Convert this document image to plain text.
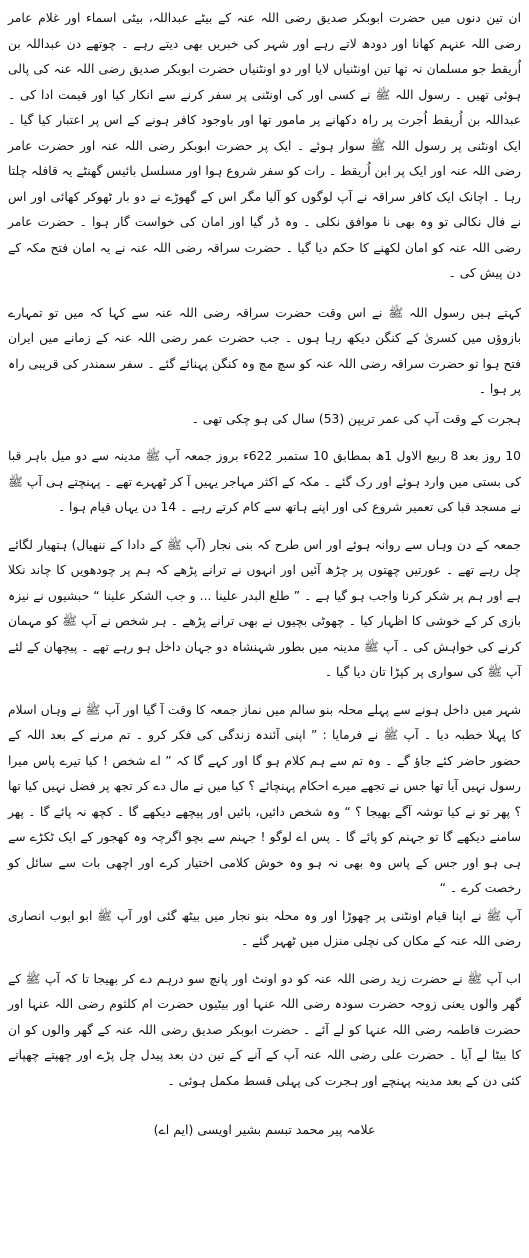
ان تین دنوں میں حضرت ابوبکر صدیق رضی اللہ عنہ کے بیٹے عبداللہ، بیٹی اسماء اور غلام عامر رضی اللہ عنہم کھانا اور دودھ لاتے رہے اور شہر کی خبریں بھی دیتے رہے ۔ چوتھے دن عبداللہ بن اُریقط جو مسلمان نہ تھا تین اونٹنیاں لایا اور دو اونٹنیاں حضرت ابوبکر صدیق رضی اللہ عنہ کی پالی ہوئی تھیں ۔ رسول اللہ ﷺ نے کسی اور کی اونٹنی پر سفر کرنے سے انکار کیا اور قیمت ادا کی ۔ عبداللہ بن اُریقط اُجرت پر راہ دکھانے پر مامور تھا اور باوجود کافر ہونے کے اس پر اعتبار کیا گیا ۔ ایک اونٹنی پر رسول اللہ ﷺ سوار ہوئے ۔ ایک پر حضرت ابوبکر رضی اللہ عنہ اور حضرت عامر رضی اللہ عنہ اور ایک پر ابن اُریقط ۔ رات کو سفر شروع ہوا اور مسلسل بائیس گھنٹے یہ قافلہ چلتا رہا ۔ اچانک ایک کافر سراقہ نے آپ لوگوں کو آلیا مگر اس کے گھوڑے نے دو بار ٹھوکر کھائی اور اس نے فال نکالی تو وہ بھی نا موافق نکلی ۔ وہ ڈر گیا اور امان کی خواست گار ہوا ۔ حضرت عامر رضی اللہ عنہ کو امان لکھنے کا حکم دیا گیا ۔ حضرت سراقہ رضی اللہ عنہ نے یہ امان فتح مکہ کے دن پیش کی ۔

کہتے ہیں رسول اللہ ﷺ نے اس وقت حضرت سراقہ رضی اللہ عنہ سے کہا کہ میں تو تمہارے بازوؤں میں کسریٰ کے کنگن دیکھ رہا ہوں ۔ جب حضرت عمر رضی اللہ عنہ کے زمانے میں ایران فتح ہوا تو حضرت سراقہ رضی اللہ عنہ کو سچ مچ وہ کنگن پہنائے گئے ۔ سفر سمندر کی قریبی راہ پر ہوا ۔

ہجرت کے وقت آپ کی عمر تریپن (53) سال کی ہو چکی تھی ۔

10 روز بعد 8 ربیع الاول 1ھ بمطابق 10 ستمبر 622ء بروز جمعہ آپ ﷺ مدینہ سے دو میل باہر قبا کی بستی میں وارد ہوئے اور رک گئے ۔ مکہ کے اکثر مہاجر یہیں آ کر ٹھہرے تھے ۔ پہنچتے ہی آپ ﷺ نے مسجد قبا کی تعمیر شروع کی اور اپنے ہاتھ سے کام کرتے رہے ۔ 14 دن یہاں قیام ہوا ۔

جمعہ کے دن وہاں سے روانہ ہوئے اور اس طرح کہ بنی نجار (آپ ﷺ کے دادا کے ننھیال) ہتھیار لگائے چل رہے تھے ۔ عورتیں چھتوں پر چڑھ آئیں اور انہوں نے ترانے پڑھے کہ ہم پر چودھویں کا چاند نکلا ہے اور ہم پر شکر کرنا واجب ہو گیا ہے ۔ ” طلع البدر علینا ... و جب الشکر علینا “ حبشیوں نے نیزہ بازی کر کے خوشی کا اظہار کیا ۔ چھوٹی بچیوں نے بھی ترانے پڑھے ۔ ہر شخص نے آپ ﷺ کو مہمان کرنے کی خواہش کی ۔ آپ ﷺ مدینہ میں بطور شہنشاہ دو جہان داخل ہو رہے تھے ۔ پیچھان کے لئے آپ ﷺ کی سواری پر کپڑا تان دیا گیا ۔

شہر میں داخل ہونے سے پہلے محلہ بنو سالم میں نماز جمعہ کا وقت آ گیا اور آپ ﷺ نے وہاں اسلام کا پہلا خطبہ دیا ۔ آپ ﷺ نے فرمایا : ” اپنی آئندہ زندگی کی فکر کرو ۔ تم مرنے کے بعد اللہ کے حضور حاضر کئے جاؤ گے ۔ وہ تم سے ہم کلام ہو گا اور کہے گا کہ ” اے شخص ! کیا تیرے پاس میرا رسول نہیں آیا تھا جس نے تجھے میرے احکام پہنچائے ؟ کیا میں نے مال دے کر تجھ پر فضل نہیں کیا تھا ؟ پھر تو نے کیا توشہ آگے بھیجا ؟ “ وہ شخص دائیں، بائیں اور پیچھے دیکھے گا ۔ کچھ نہ پائے گا ۔ پھر سامنے دیکھے گا تو جہنم کو پائے گا ۔ پس اے لوگو ! جہنم سے بچو اگرچہ وہ کھجور کے ایک ٹکڑے سے ہی ہو اور جس کے پاس وہ بھی نہ ہو وہ خوش کلامی اختیار کرے اور اچھی بات سے سائل کو رخصت کرے ۔ “

آپ ﷺ نے اپنا قیام اونٹنی پر چھوڑا اور وہ محلہ بنو نجار میں بیٹھ گئی اور آپ ﷺ ابو ایوب انصاری رضی اللہ عنہ کے مکان کی نچلی منزل میں ٹھہر گئے ۔

اب آپ ﷺ نے حضرت زید رضی اللہ عنہ کو دو اونٹ اور پانچ سو درہم دے کر بھیجا تا کہ آپ ﷺ کے گھر والوں یعنی زوجہ حضرت سودہ رضی اللہ عنہا اور بیٹیوں حضرت ام کلثوم رضی اللہ عنہا اور حضرت فاطمہ رضی اللہ عنہا کو لے آئے ۔ حضرت ابوبکر صدیق رضی اللہ عنہ کے گھر والوں کو ان کا بیٹا لے آیا ۔ حضرت علی رضی اللہ عنہ آپ کے آنے کے تین دن بعد پیدل چل پڑے اور چھپتے چھپاتے کئی دن کے بعد مدینہ پہنچے اور ہجرت کی پہلی قسط مکمل ہوئی ۔

علامہ پیر محمد تبسم بشیر اویسی (ایم اے)
